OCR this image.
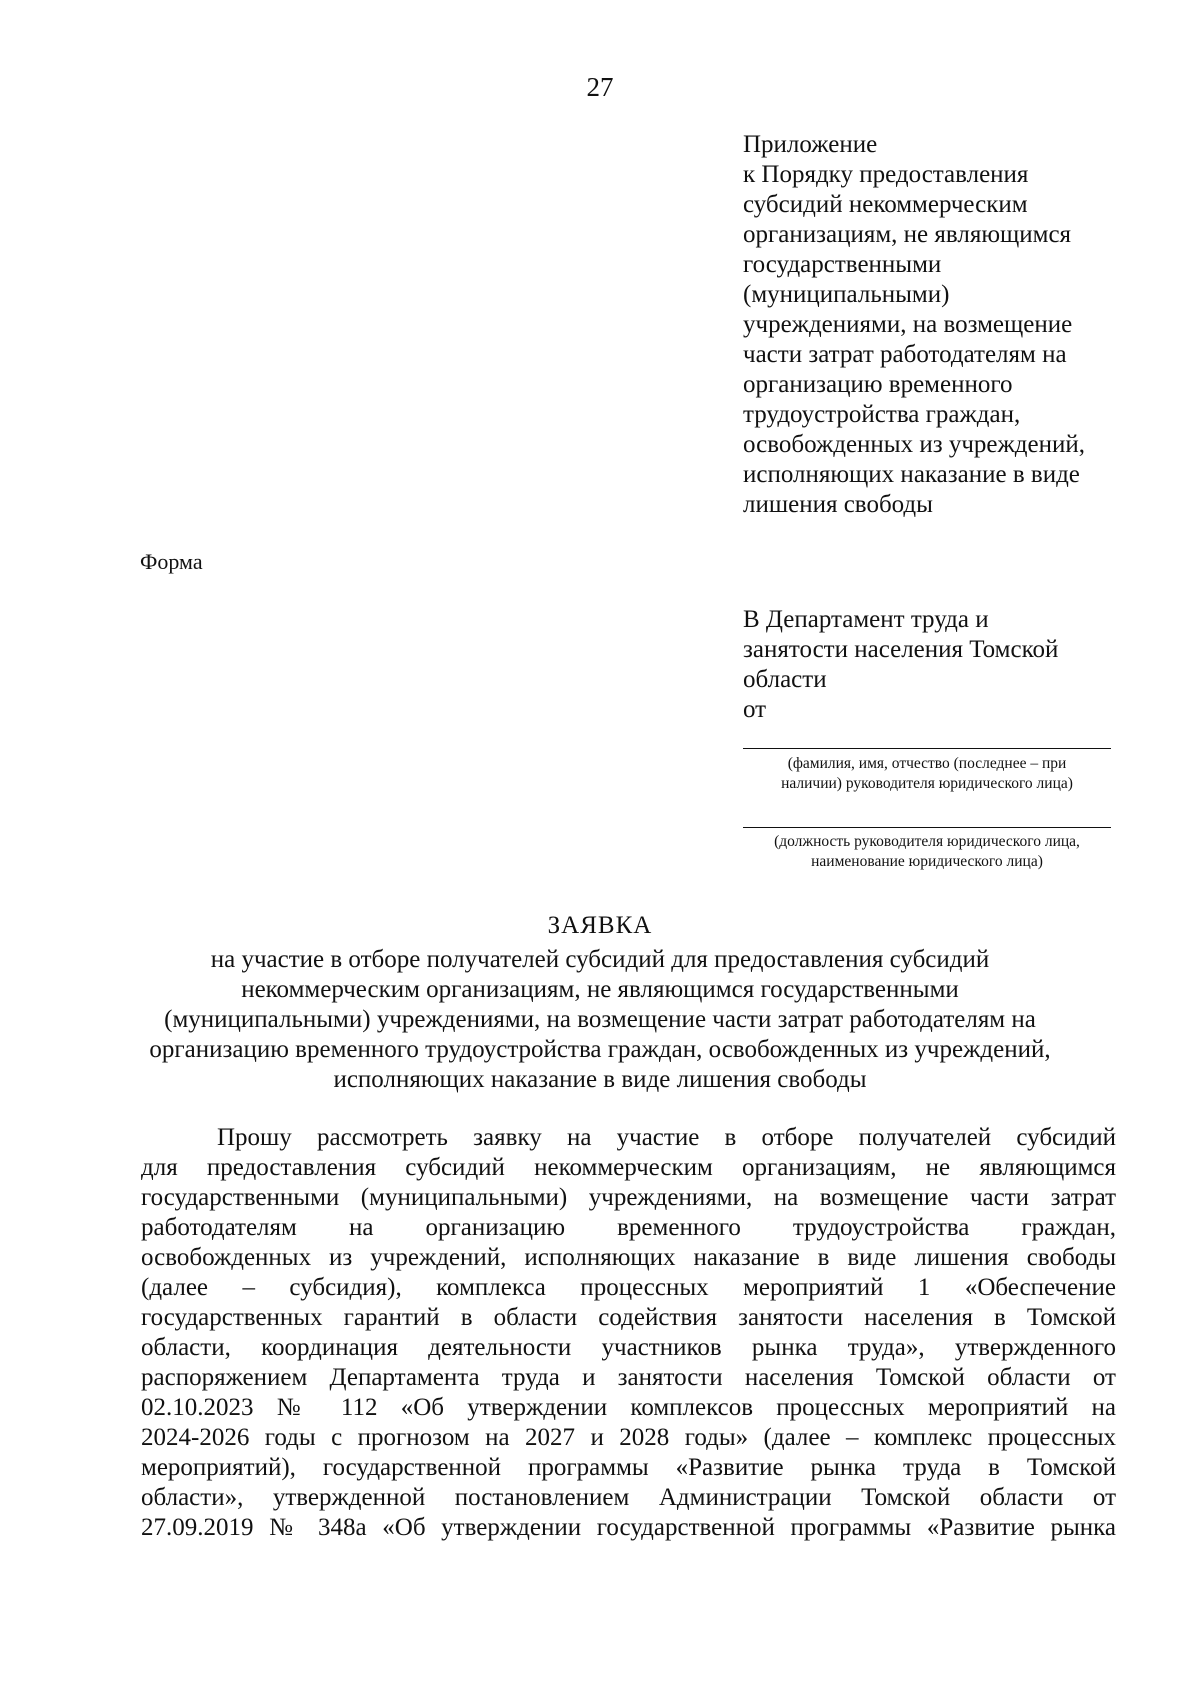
27
Приложение
к Порядку предоставления
субсидий некоммерческим
организациям, не являющимся
государственными
(муниципальными)
учреждениями, на возмещение
части затрат работодателям на
организацию временного
трудоустройства граждан,
освобожденных из учреждений,
исполняющих наказание в виде
лишения свободы
Форма
В Департамент труда и
занятости населения Томской
области
от
(фамилия, имя, отчество (последнее – при
наличии) руководителя юридического лица)
(должность руководителя юридического лица,
наименование юридического лица)
ЗАЯВКА
на участие в отборе получателей субсидий для предоставления субсидий
некоммерческим организациям, не являющимся государственными
(муниципальными) учреждениями, на возмещение части затрат работодателям на
организацию временного трудоустройства граждан, освобожденных из учреждений,
исполняющих наказание в виде лишения свободы
Прошу рассмотреть заявку на участие в отборе получателей субсидий
для предоставления субсидий некоммерческим организациям, не являющимся
государственными (муниципальными) учреждениями, на возмещение части затрат
работодателям на организацию временного трудоустройства граждан,
освобожденных из учреждений, исполняющих наказание в виде лишения свободы
(далее – субсидия), комплекса процессных мероприятий 1 «Обеспечение
государственных гарантий в области содействия занятости населения в Томской
области, координация деятельности участников рынка труда», утвержденного
распоряжением Департамента труда и занятости населения Томской области от
02.10.2023 № 112 «Об утверждении комплексов процессных мероприятий на
2024-2026 годы с прогнозом на 2027 и 2028 годы» (далее – комплекс процессных
мероприятий), государственной программы «Развитие рынка труда в Томской
области», утвержденной постановлением Администрации Томской области от
27.09.2019 № 348а «Об утверждении государственной программы «Развитие рынка
